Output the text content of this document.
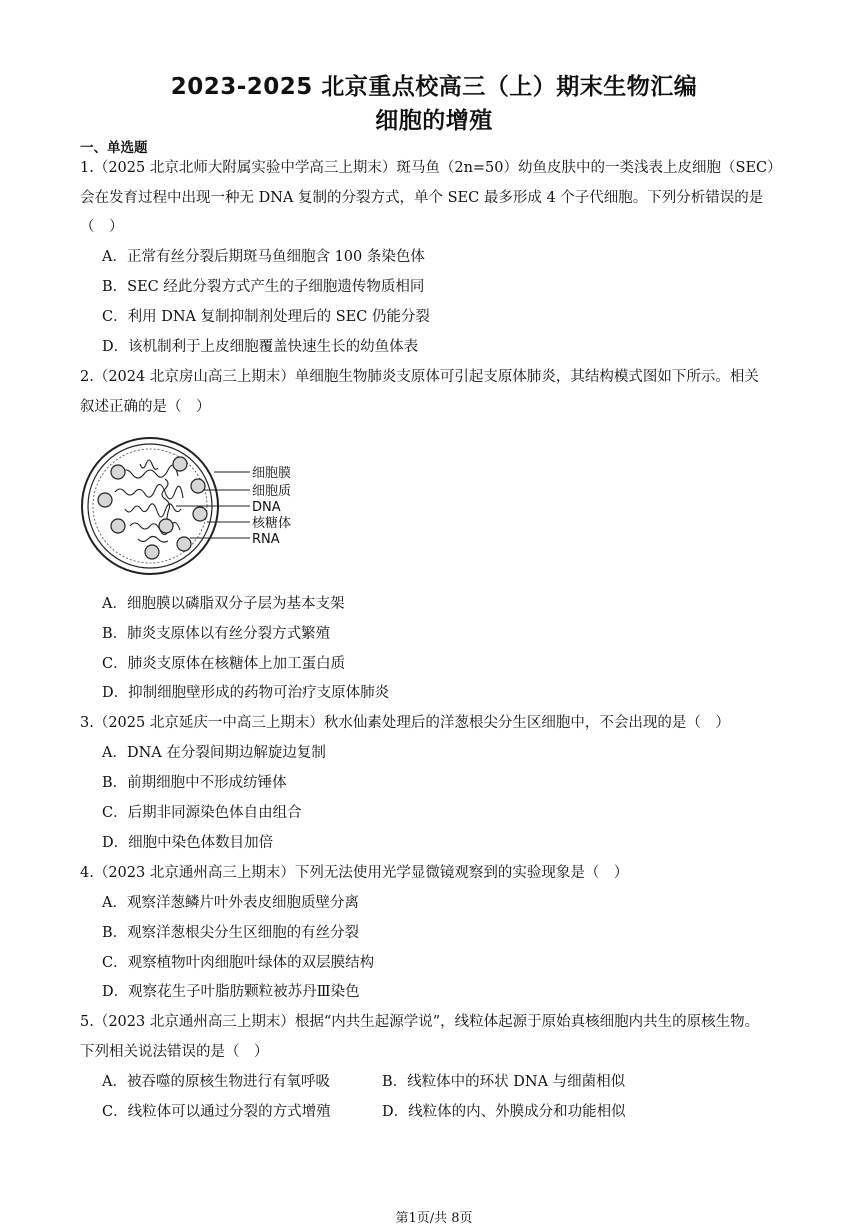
2023-2025 北京重点校高三（上）期末生物汇编
细胞的增殖
一、单选题
1.（2025 北京北师大附属实验中学高三上期末）斑马鱼（2n=50）幼鱼皮肤中的一类浅表上皮细胞（SEC）
会在发育过程中出现一种无 DNA 复制的分裂方式，单个 SEC 最多形成 4 个子代细胞。下列分析错误的是
（　）
A．正常有丝分裂后期斑马鱼细胞含 100 条染色体
B．SEC 经此分裂方式产生的子细胞遗传物质相同
C．利用 DNA 复制抑制剂处理后的 SEC 仍能分裂
D．该机制利于上皮细胞覆盖快速生长的幼鱼体表
2.（2024 北京房山高三上期末）单细胞生物肺炎支原体可引起支原体肺炎，其结构模式图如下所示。相关
叙述正确的是（　）
细胞膜
细胞质
DNA
核糖体
RNA
A．细胞膜以磷脂双分子层为基本支架
B．肺炎支原体以有丝分裂方式繁殖
C．肺炎支原体在核糖体上加工蛋白质
D．抑制细胞壁形成的药物可治疗支原体肺炎
3.（2025 北京延庆一中高三上期末）秋水仙素处理后的洋葱根尖分生区细胞中，不会出现的是（　）
A．DNA 在分裂间期边解旋边复制
B．前期细胞中不形成纺锤体
C．后期非同源染色体自由组合
D．细胞中染色体数目加倍
4.（2023 北京通州高三上期末）下列无法使用光学显微镜观察到的实验现象是（　）
A．观察洋葱鳞片叶外表皮细胞质壁分离
B．观察洋葱根尖分生区细胞的有丝分裂
C．观察植物叶肉细胞叶绿体的双层膜结构
D．观察花生子叶脂肪颗粒被苏丹Ⅲ染色
5.（2023 北京通州高三上期末）根据“内共生起源学说”，线粒体起源于原始真核细胞内共生的原核生物。
下列相关说法错误的是（　）
A．被吞噬的原核生物进行有氧呼吸	B．线粒体中的环状 DNA 与细菌相似
C．线粒体可以通过分裂的方式增殖	D．线粒体的内、外膜成分和功能相似
第1页/共 8页
